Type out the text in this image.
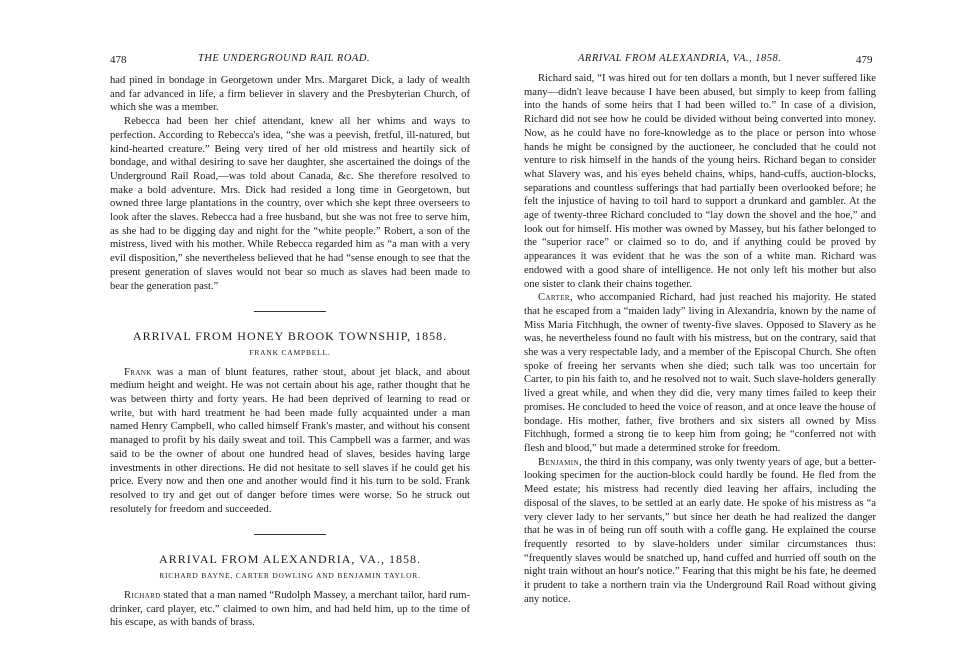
478	THE UNDERGROUND RAIL ROAD.

had pined in bondage in Georgetown under Mrs. Margaret Dick, a lady of wealth and far advanced in life, a firm believer in slavery and the Presbyterian Church, of which she was a member.

Rebecca had been her chief attendant, knew all her whims and ways to perfection. According to Rebecca's idea, “she was a peevish, fretful, ill-natured, but kind-hearted creature.” Being very tired of her old mistress and heartily sick of bondage, and withal desiring to save her daughter, she ascertained the doings of the Underground Rail Road,—was told about Canada, &c. She therefore resolved to make a bold adventure. Mrs. Dick had resided a long time in Georgetown, but owned three large plantations in the country, over which she kept three overseers to look after the slaves. Rebecca had a free husband, but she was not free to serve him, as she had to be digging day and night for the “white people.” Robert, a son of the mistress, lived with his mother. While Rebecca regarded him as “a man with a very evil disposition,” she nevertheless believed that he had “sense enough to see that the present generation of slaves would not bear so much as slaves had been made to bear the generation past.”

ARRIVAL FROM HONEY BROOK TOWNSHIP, 1858.
FRANK CAMPBELL.

Frank was a man of blunt features, rather stout, about jet black, and about medium height and weight. He was not certain about his age, rather thought that he was between thirty and forty years. He had been deprived of learning to read or write, but with hard treatment he had been made fully acquainted under a man named Henry Campbell, who called himself Frank's master, and without his consent managed to profit by his daily sweat and toil. This Campbell was a farmer, and was said to be the owner of about one hundred head of slaves, besides having large investments in other directions. He did not hesitate to sell slaves if he could get his price. Every now and then one and another would find it his turn to be sold. Frank resolved to try and get out of danger before times were worse. So he struck out resolutely for freedom and succeeded.

ARRIVAL FROM ALEXANDRIA, VA., 1858.
RICHARD BAYNE, CARTER DOWLING AND BENJAMIN TAYLOR.

Richard stated that a man named “Rudolph Massey, a merchant tailor, hard rum-drinker, card player, etc.” claimed to own him, and had held him, up to the time of his escape, as with bands of brass.

ARRIVAL FROM ALEXANDRIA, VA., 1858.	479

Richard said, “I was hired out for ten dollars a month, but I never suffered like many—didn't leave because I have been abused, but simply to keep from falling into the hands of some heirs that I had been willed to.” In case of a division, Richard did not see how he could be divided without being converted into money. Now, as he could have no fore-knowledge as to the place or person into whose hands he might be consigned by the auctioneer, he concluded that he could not venture to risk himself in the hands of the young heirs. Richard began to consider what Slavery was, and his eyes beheld chains, whips, hand-cuffs, auction-blocks, separations and countless sufferings that had partially been overlooked before; he felt the injustice of having to toil hard to support a drunkard and gambler. At the age of twenty-three Richard concluded to “lay down the shovel and the hoe,” and look out for himself. His mother was owned by Massey, but his father belonged to the “superior race” or claimed so to do, and if anything could be proved by appearances it was evident that he was the son of a white man. Richard was endowed with a good share of intelligence. He not only left his mother but also one sister to clank their chains together.

Carter, who accompanied Richard, had just reached his majority. He stated that he escaped from a “maiden lady” living in Alexandria, known by the name of Miss Maria Fitchhugh, the owner of twenty-five slaves. Opposed to Slavery as he was, he nevertheless found no fault with his mistress, but on the contrary, said that she was a very respectable lady, and a member of the Episcopal Church. She often spoke of freeing her servants when she died; such talk was too uncertain for Carter, to pin his faith to, and he resolved not to wait. Such slave-holders generally lived a great while, and when they did die, very many times failed to keep their promises. He concluded to heed the voice of reason, and at once leave the house of bondage. His mother, father, five brothers and six sisters all owned by Miss Fitchhugh, formed a strong tie to keep him from going; he “conferred not with flesh and blood,” but made a determined stroke for freedom.

Benjamin, the third in this company, was only twenty years of age, but a better-looking specimen for the auction-block could hardly be found. He fled from the Meed estate; his mistress had recently died leaving her affairs, including the disposal of the slaves, to be settled at an early date. He spoke of his mistress as “a very clever lady to her servants,” but since her death he had realized the danger that he was in of being run off south with a coffle gang. He explained the course frequently resorted to by slave-holders under similar circumstances thus: “frequently slaves would be snatched up, hand cuffed and hurried off south on the night train without an hour's notice.” Fearing that this might be his fate, he deemed it prudent to take a northern train via the Underground Rail Road without giving any notice.
